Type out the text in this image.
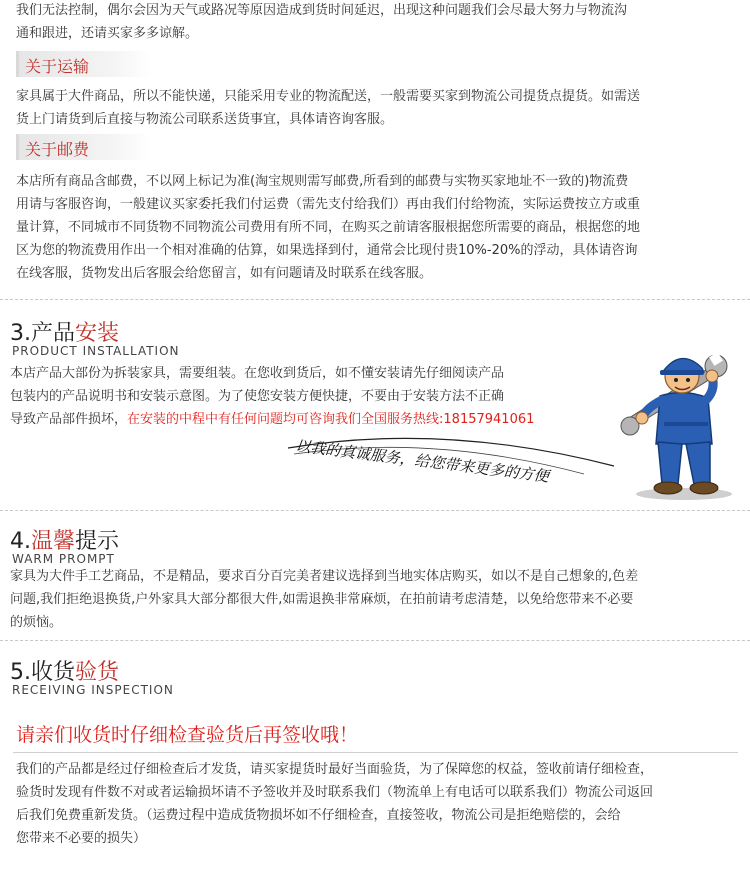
我们无法控制，偶尔会因为天气或路况等原因造成到货时间延迟，出现这种问题我们会尽最大努力与物流沟

通和跟进，还请买家多多谅解。

关于运输

家具属于大件商品，所以不能快递，只能采用专业的物流配送，一般需要买家到物流公司提货点提货。如需送

货上门请货到后直接与物流公司联系送货事宜，具体请咨询客服。

关于邮费

本店所有商品含邮费，不以网上标记为准(淘宝规则需写邮费,所看到的邮费与实物买家地址不一致的)物流费

用请与客服咨询，一般建议买家委托我们付运费（需先支付给我们）再由我们付给物流，实际运费按立方或重

量计算，不同城市不同货物不同物流公司费用有所不同，在购买之前请客服根据您所需要的商品，根据您的地

区为您的物流费用作出一个相对准确的估算，如果选择到付，通常会比现付贵10%-20%的浮动，具体请咨询

在线客服，货物发出后客服会给您留言，如有问题请及时联系在线客服。

3.产品安装
PRODUCT INSTALLATION

本店产品大部份为拆装家具，需要组装。在您收到货后，如不懂安装请先仔细阅读产品

包装内的产品说明书和安装示意图。为了使您安装方便快捷，不要由于安装方法不正确

导致产品部件损坏，在安装的中程中有任何问题均可咨询我们全国服务热线:18157941061

以我的真诚服务，给您带来更多的方便
4.温馨提示
WARM PROMPT

家具为大件手工艺商品，不是精品，要求百分百完美者建议选择到当地实体店购买，如以不是自己想象的,色差

问题,我们拒绝退换货,户外家具大部分都很大件,如需退换非常麻烦，在拍前请考虑清楚，以免给您带来不必要

的烦恼。

5.收货验货
RECEIVING INSPECTION
请亲们收货时仔细检查验货后再签收哦！

我们的产品都是经过仔细检查后才发货，请买家提货时最好当面验货，为了保障您的权益，签收前请仔细检查，

验货时发现有件数不对或者运输损坏请不予签收并及时联系我们（物流单上有电话可以联系我们）物流公司返回

后我们免费重新发货。（运费过程中造成货物损坏如不仔细检查，直接签收，物流公司是拒绝赔偿的，会给

您带来不必要的损失）
